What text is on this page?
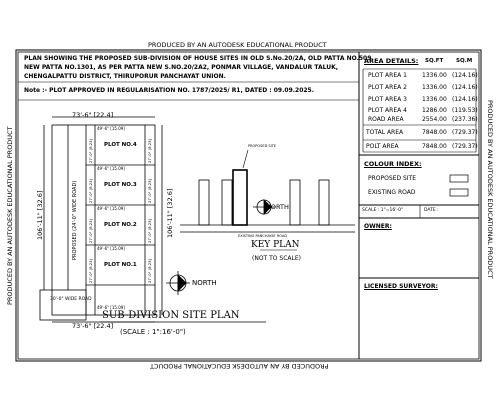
PRODUCED BY AN AUTODESK EDUCATIONAL PRODUCT
PRODUCED BY AN AUTODESK EDUCATIONAL PRODUCT
PRODUCED BY AN AUTODESK EDUCATIONAL PRODUCT	PRODUCED BY AN AUTODESK EDUCATIONAL PRODUCT
PLAN SHOWING THE PROPOSED SUB-DIVISION OF HOUSE SITES IN OLD S.No.20/2A, OLD PATTA NO.509,
NEW PATTA NO.1301, AS PER PATTA NEW S.NO.20/2A2, PONMAR VILLAGE, VANDALUR TALUK,
CHENGALPATTU DISTRICT, THIRUPORUR PANCHAYAT UNION.
Note :- PLOT APPROVED IN REGULARISATION NO. 1787/2025/ R1, DATED : 09.09.2025.
AREA DETAILS: SQ.FT SQ.M
PLOT AREA 1	1336.00 (124.16)
PLOT AREA 2	1336.00 (124.16)
PLOT AREA 3	1336.00 (124.16)
PLOT AREA 4	1286.00 (119.53)
ROAD AREA	2554.00 (237.36)
TOTAL AREA	7848.00 (729.37)
POLT AREA	7848.00 (729.37)
COLOUR INDEX:
PROPOSED SITE
EXISTING ROAD
SCALE : 1"=16'-0"	DATE :
OWNER:
LICENSED SURVEYOR:
73'-6" [22.4]
73'-6" [22.4]
106'-11" [32.6]	106'-11" [32.6]
PROPOSED (24'-0" WIDE ROAD)
PLOT NO.4
PLOT NO.3
PLOT NO.2
PLOT NO.1
49'-6" [15.09]
49'-6" [15.09]
49'-6" [15.09]
49'-6" [15.09]
49'-6" [15.09]
27'-0" [8.23]
27'-0" [8.23]
27'-0" [8.23]
27'-0" [8.23]
27'-0" [8.23]
27'-0" [8.23]
27'-0" [8.23]
27'-0" [8.23]
30'-0" WIDE ROAD
NORTH
SUB-DIVISION SITE PLAN
(SCALE : 1":16'-0")
NORTH
PROPOSED SITE
EXISTING PANCHAYAT ROAD
KEY PLAN
(NOT TO SCALE)
